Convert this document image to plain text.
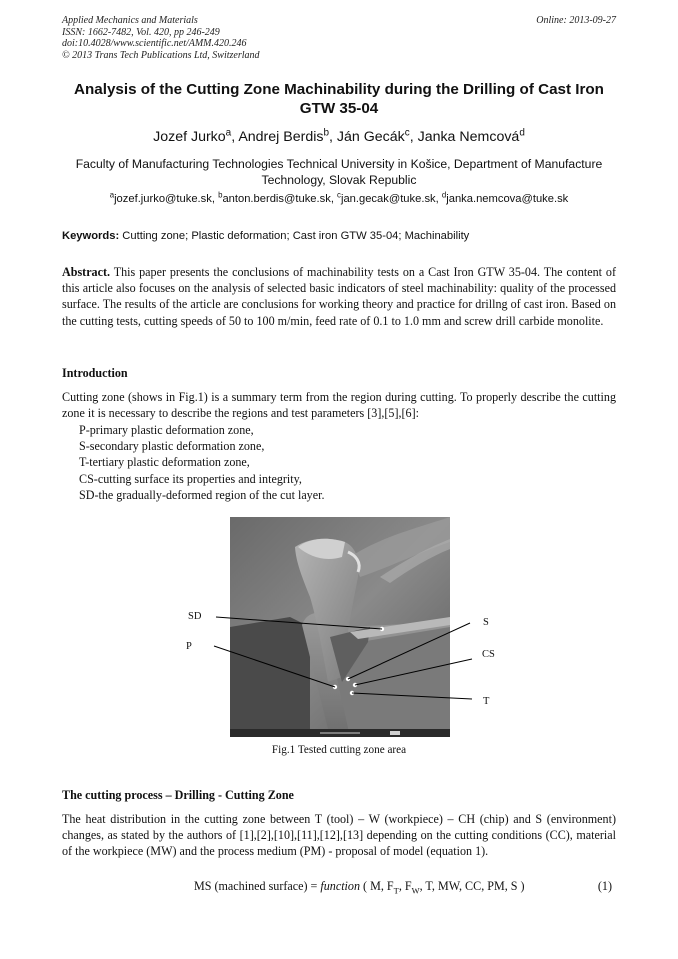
Applied Mechanics and Materials
ISSN: 1662-7482, Vol. 420, pp 246-249
doi:10.4028/www.scientific.net/AMM.420.246
© 2013 Trans Tech Publications Ltd, Switzerland
Online: 2013-09-27
Analysis of the Cutting Zone Machinability during the Drilling of Cast Iron GTW 35-04
Jozef Jurko$^a$, Andrej Berdis$^b$, Ján Gecák$^c$, Janka Nemcová$^d$
Faculty of Manufacturing Technologies Technical University in Košice, Department of Manufacture Technology, Slovak Republic
$^a$jozef.jurko@tuke.sk, $^b$anton.berdis@tuke.sk, $^c$jan.gecak@tuke.sk, $^d$janka.nemcova@tuke.sk
Keywords: Cutting zone; Plastic deformation; Cast iron GTW 35-04; Machinability
Abstract. This paper presents the conclusions of machinability tests on a Cast Iron GTW 35-04. The content of this article also focuses on the analysis of selected basic indicators of steel machinability: quality of the processed surface. The results of the article are conclusions for working theory and practice for drillng of cast iron. Based on the cutting tests, cutting speeds of 50 to 100 m/min, feed rate of 0.1 to 1.0 mm and screw drill carbide monolite.
Introduction
Cutting zone (shows in Fig.1) is a summary term from the region during cutting. To properly describe the cutting zone it is necessary to describe the regions and test parameters [3],[5],[6]:
P-primary plastic deformation zone,
S-secondary plastic deformation zone,
T-tertiary plastic deformation zone,
CS-cutting surface its properties and integrity,
SD-the gradually-deformed region of the cut layer.
SD
P
S
CS
T
Fig.1 Tested cutting zone area
The cutting process – Drilling - Cutting Zone
The heat distribution in the cutting zone between T (tool) – W (workpiece) – CH (chip) and S (environment) changes, as stated by the authors of [1],[2],[10],[11],[12],[13] depending on the cutting conditions (CC), material of the workpiece (MW) and the process medium (PM) - proposal of model (equation 1).
MS (machined surface) = function ( M, $F_T$, $F_W$, T, MW, CC, PM, S )	(1)
